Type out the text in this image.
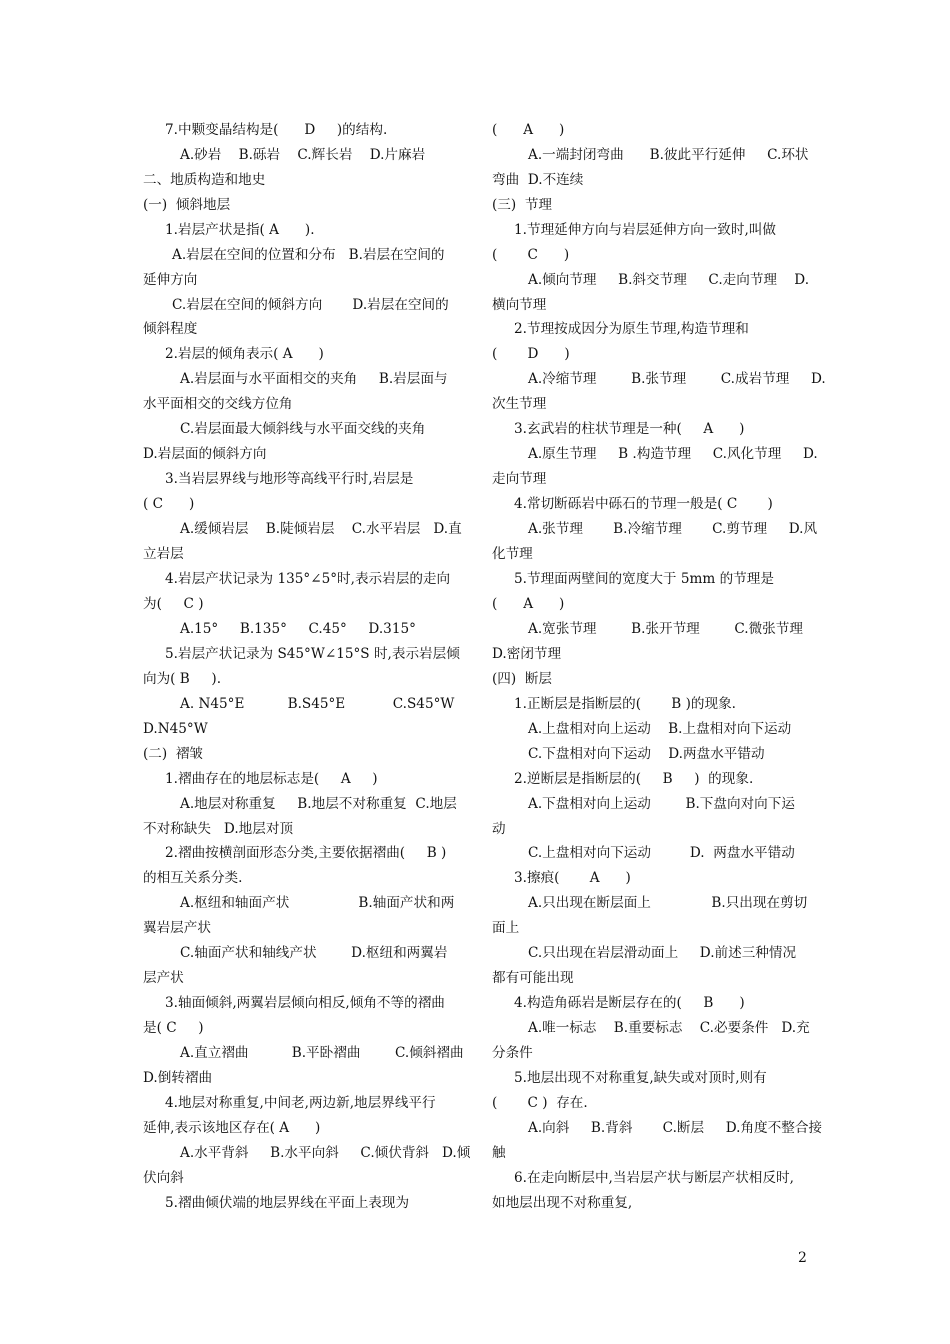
7.中颗变晶结构是(      D     )的结构.
A.砂岩    B.砾岩    C.辉长岩    D.片麻岩
二、地质构造和地史
(一)  倾斜地层
1.岩层产状是指( A      ).
A.岩层在空间的位置和分布   B.岩层在空间的
延伸方向
C.岩层在空间的倾斜方向       D.岩层在空间的
倾斜程度
2.岩层的倾角表示( A      )
A.岩层面与水平面相交的夹角     B.岩层面与
水平面相交的交线方位角
C.岩层面最大倾斜线与水平面交线的夹角
D.岩层面的倾斜方向
3.当岩层界线与地形等高线平行时,岩层是
( C      )
A.缓倾岩层    B.陡倾岩层    C.水平岩层   D.直
立岩层
4.岩层产状记录为 135°∠5°时,表示岩层的走向
为(     C )
A.15°     B.135°     C.45°     D.315°
5.岩层产状记录为 S45°W∠15°S 时,表示岩层倾
向为( B     ).
A. N45°E          B.S45°E           C.S45°W
D.N45°W
(二)  褶皱
1.褶曲存在的地层标志是(     A     )
A.地层对称重复     B.地层不对称重复  C.地层
不对称缺失   D.地层对顶
2.褶曲按横剖面形态分类,主要依据褶曲(     B )
的相互关系分类.
A.枢纽和轴面产状                B.轴面产状和两
翼岩层产状
C.轴面产状和轴线产状        D.枢纽和两翼岩
层产状
3.轴面倾斜,两翼岩层倾向相反,倾角不等的褶曲
是( C     )
A.直立褶曲          B.平卧褶曲        C.倾斜褶曲
D.倒转褶曲
4.地层对称重复,中间老,两边新,地层界线平行
延伸,表示该地区存在( A      )
A.水平背斜     B.水平向斜     C.倾伏背斜   D.倾
伏向斜
5.褶曲倾伏端的地层界线在平面上表现为
(      A      )
A.一端封闭弯曲      B.彼此平行延伸     C.环状
弯曲  D.不连续
(三)  节理
1.节理延伸方向与岩层延伸方向一致时,叫做
(       C      )
A.倾向节理     B.斜交节理     C.走向节理    D.
横向节理
2.节理按成因分为原生节理,构造节理和
(       D      )
A.冷缩节理        B.张节理        C.成岩节理     D.
次生节理
3.玄武岩的柱状节理是一种(     A      )
A.原生节理     B .构造节理     C.风化节理     D.
走向节理
4.常切断砾岩中砾石的节理一般是( C       )
A.张节理       B.冷缩节理       C.剪节理     D.风
化节理
5.节理面两壁间的宽度大于 5mm 的节理是
(      A      )
A.宽张节理        B.张开节理        C.微张节理
D.密闭节理
(四)  断层
1.正断层是指断层的(       B )的现象.
A.上盘相对向上运动    B.上盘相对向下运动
C.下盘相对向下运动    D.两盘水平错动
2.逆断层是指断层的(     B     )  的现象.
A.下盘相对向上运动        B.下盘向对向下运
动
C.上盘相对向下运动         D.  两盘水平错动
3.擦痕(       A      )
A.只出现在断层面上              B.只出现在剪切
面上
C.只出现在岩层滑动面上     D.前述三种情况
都有可能出现
4.构造角砾岩是断层存在的(     B      )
A.唯一标志    B.重要标志    C.必要条件   D.充
分条件
5.地层出现不对称重复,缺失或对顶时,则有
(       C )  存在.
A.向斜     B.背斜       C.断层     D.角度不整合接
触
6.在走向断层中,当岩层产状与断层产状相反时,
如地层出现不对称重复,
2
